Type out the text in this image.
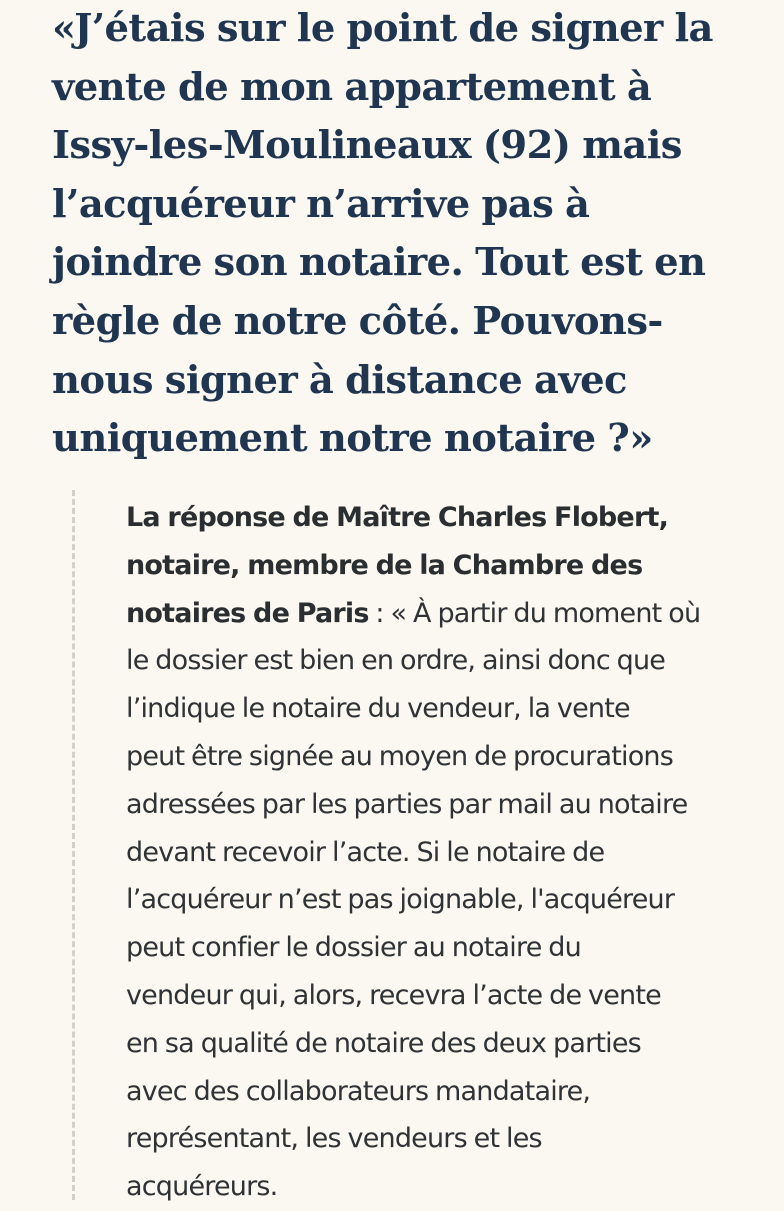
«J’étais sur le point de signer la
vente de mon appartement à
Issy-les-Moulineaux (92) mais
l’acquéreur n’arrive pas à
joindre son notaire. Tout est en
règle de notre côté. Pouvons-
nous signer à distance avec
uniquement notre notaire ?»
La réponse de Maître Charles Flobert,
notaire, membre de la Chambre des
notaires de Paris : « À partir du moment où
le dossier est bien en ordre, ainsi donc que
l’indique le notaire du vendeur, la vente
peut être signée au moyen de procurations
adressées par les parties par mail au notaire
devant recevoir l’acte. Si le notaire de
l’acquéreur n’est pas joignable, l'acquéreur
peut confier le dossier au notaire du
vendeur qui, alors, recevra l’acte de vente
en sa qualité de notaire des deux parties
avec des collaborateurs mandataire,
représentant, les vendeurs et les
acquéreurs.
